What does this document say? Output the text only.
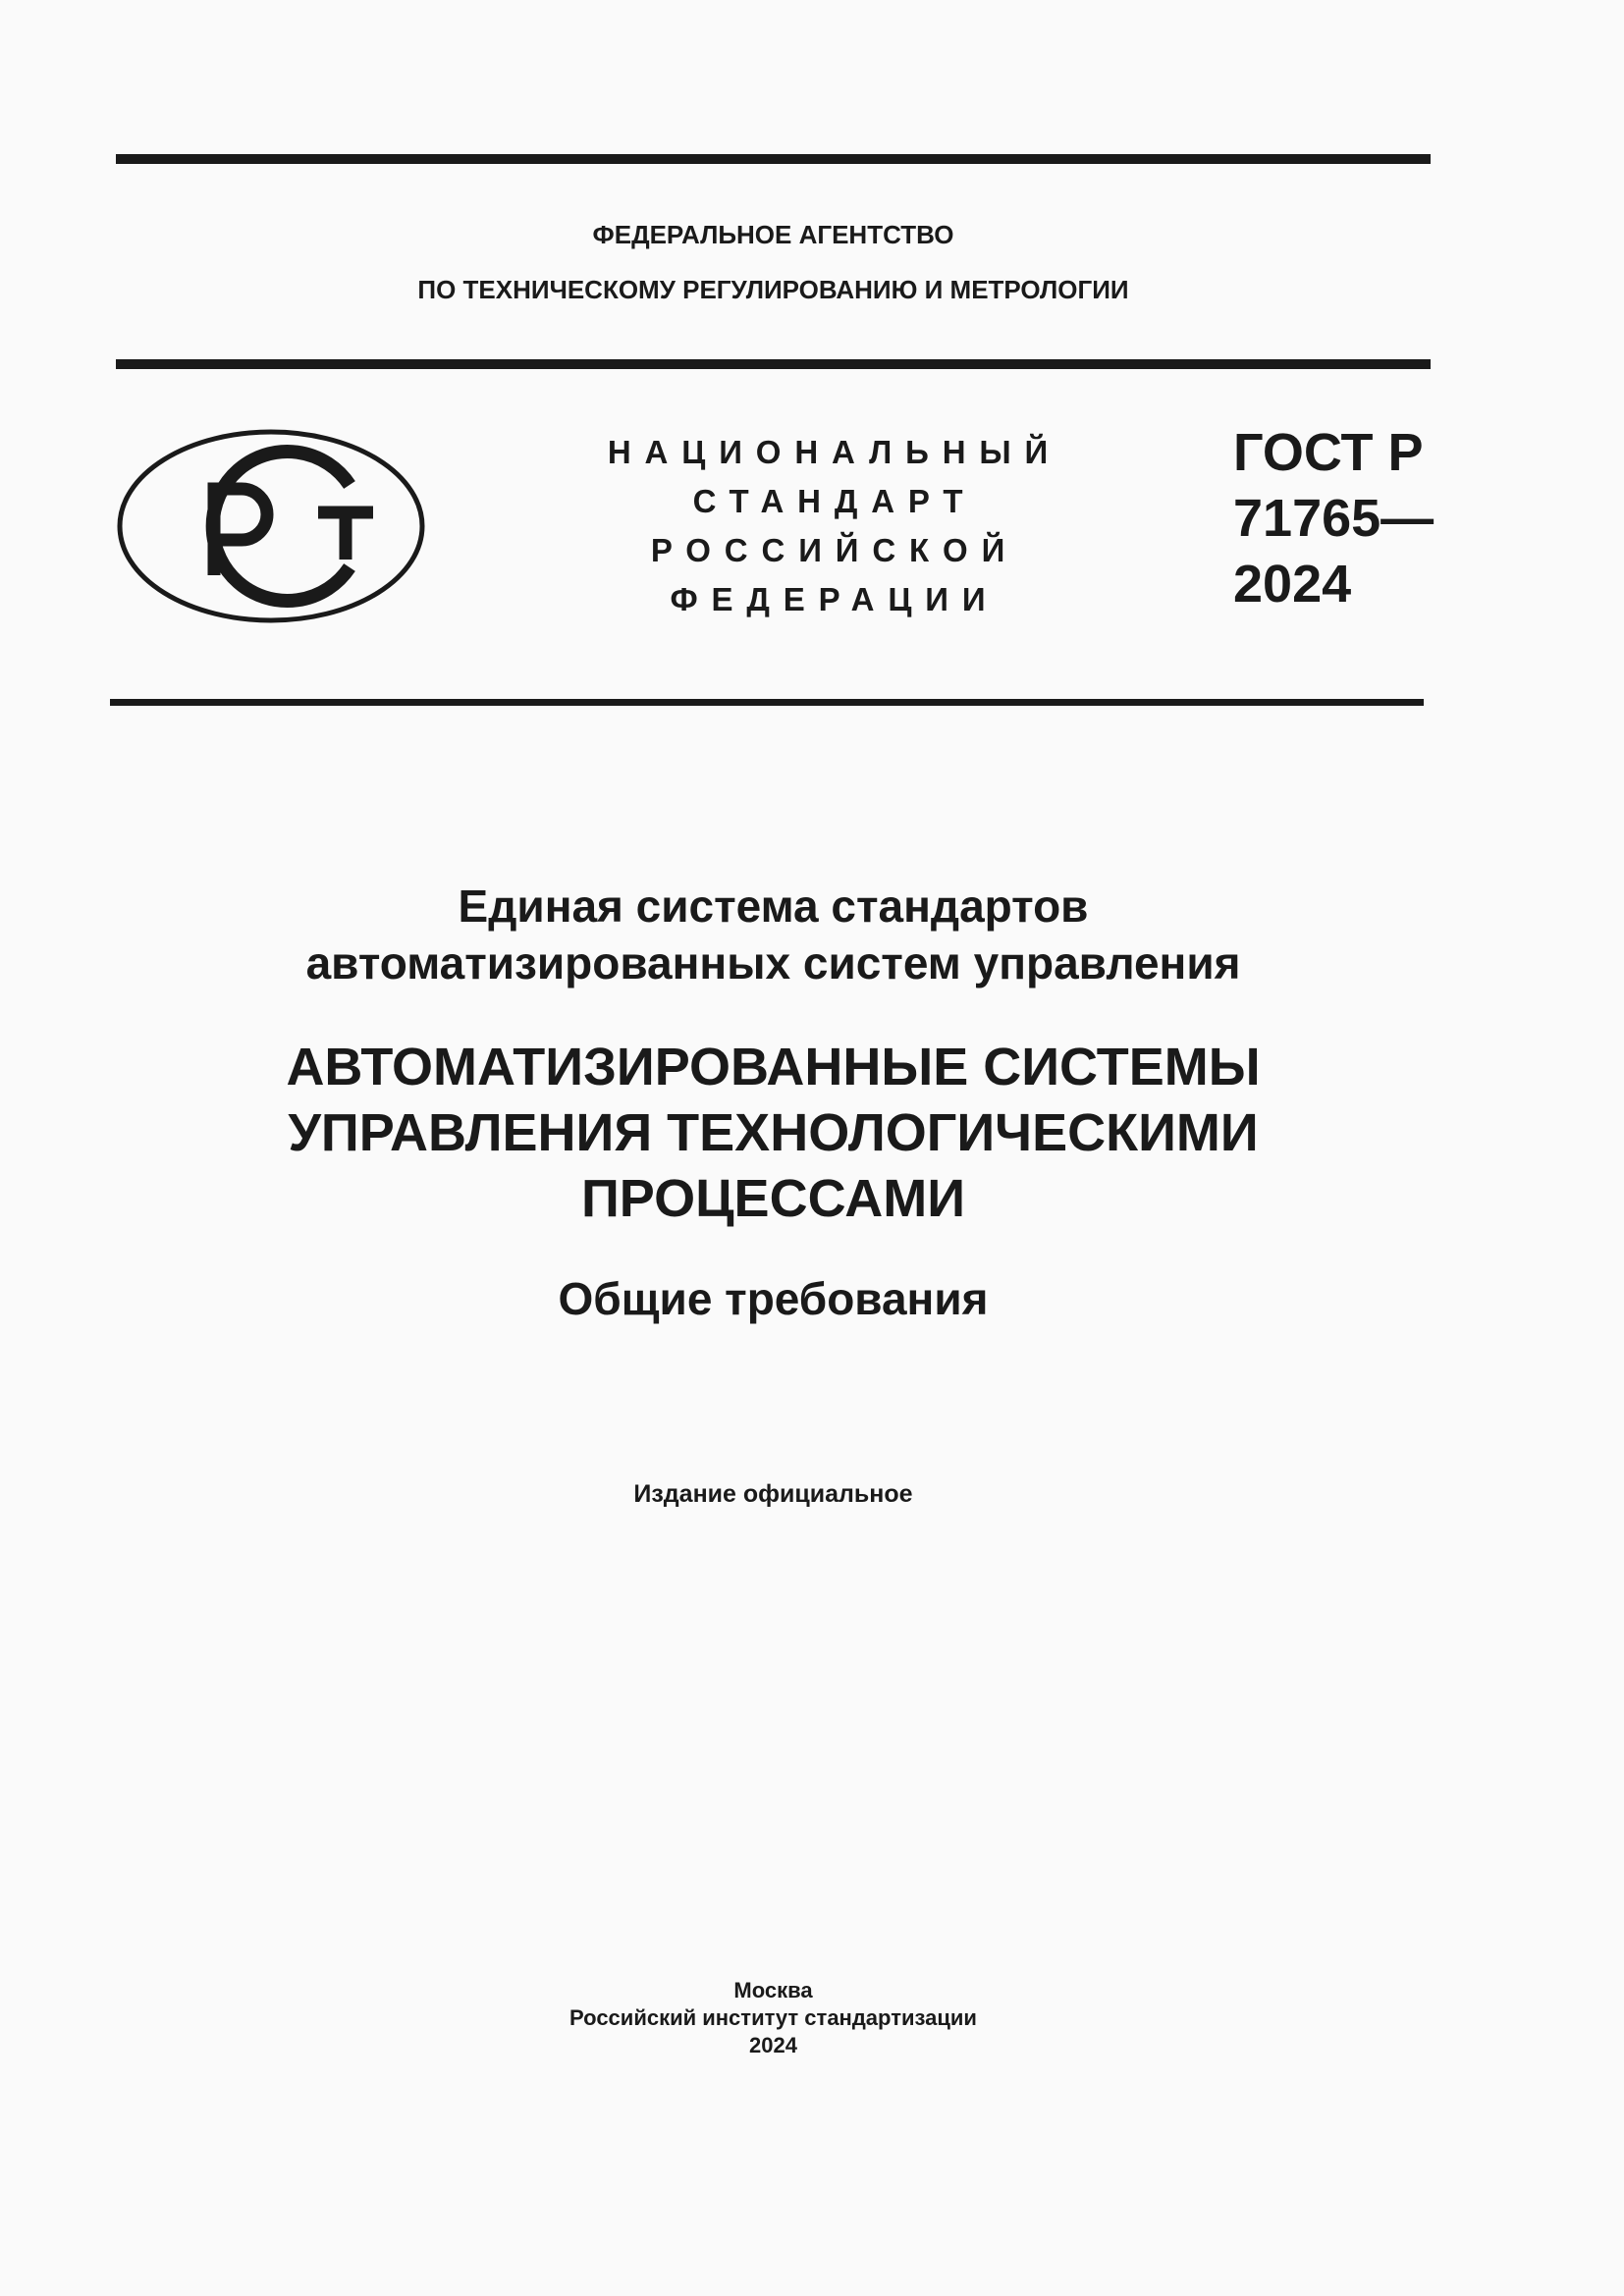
ФЕДЕРАЛЬНОЕ АГЕНТСТВО
ПО ТЕХНИЧЕСКОМУ РЕГУЛИРОВАНИЮ И МЕТРОЛОГИИ
НАЦИОНАЛЬНЫЙ
СТАНДАРТ
РОССИЙСКОЙ
ФЕДЕРАЦИИ
ГОСТ Р
71765—
2024
Единая система стандартов
автоматизированных систем управления
АВТОМАТИЗИРОВАННЫЕ СИСТЕМЫ
УПРАВЛЕНИЯ ТЕХНОЛОГИЧЕСКИМИ
ПРОЦЕССАМИ
Общие требования
Издание официальное
Москва
Российский институт стандартизации
2024
